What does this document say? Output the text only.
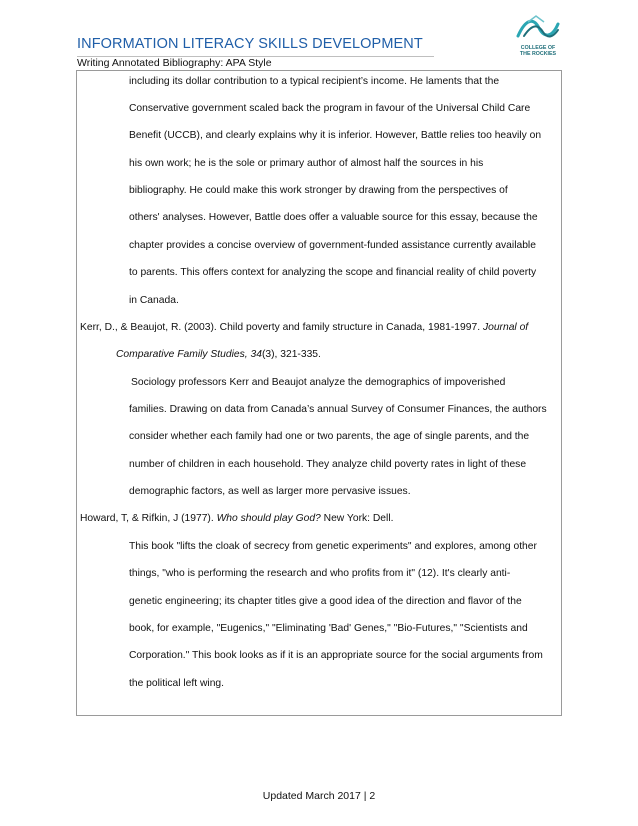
INFORMATION LITERACY SKILLS DEVELOPMENT
Writing Annotated Bibliography: APA Style
COLLEGE OF
THE ROCKIES
including its dollar contribution to a typical recipient’s income. He laments that the
Conservative government scaled back the program in favour of the Universal Child Care
Benefit (UCCB), and clearly explains why it is inferior. However, Battle relies too heavily on
his own work; he is the sole or primary author of almost half the sources in his
bibliography. He could make this work stronger by drawing from the perspectives of
others' analyses. However, Battle does offer a valuable source for this essay, because the
chapter provides a concise overview of government-funded assistance currently available
to parents. This offers context for analyzing the scope and financial reality of child poverty
in Canada.
Kerr, D., & Beaujot, R. (2003). Child poverty and family structure in Canada, 1981-1997. Journal of
Comparative Family Studies, 34(3), 321-335.
Sociology professors Kerr and Beaujot analyze the demographics of impoverished
families. Drawing on data from Canada’s annual Survey of Consumer Finances, the authors
consider whether each family had one or two parents, the age of single parents, and the
number of children in each household. They analyze child poverty rates in light of these
demographic factors, as well as larger more pervasive issues.
Howard, T, & Rifkin, J (1977). Who should play God? New York: Dell.
This book "lifts the cloak of secrecy from genetic experiments" and explores, among other
things, "who is performing the research and who profits from it" (12). It's clearly anti-
genetic engineering; its chapter titles give a good idea of the direction and flavor of the
book, for example, "Eugenics," "Eliminating 'Bad' Genes," "Bio-Futures," "Scientists and
Corporation." This book looks as if it is an appropriate source for the social arguments from
the political left wing.
Updated March 2017 | 2
